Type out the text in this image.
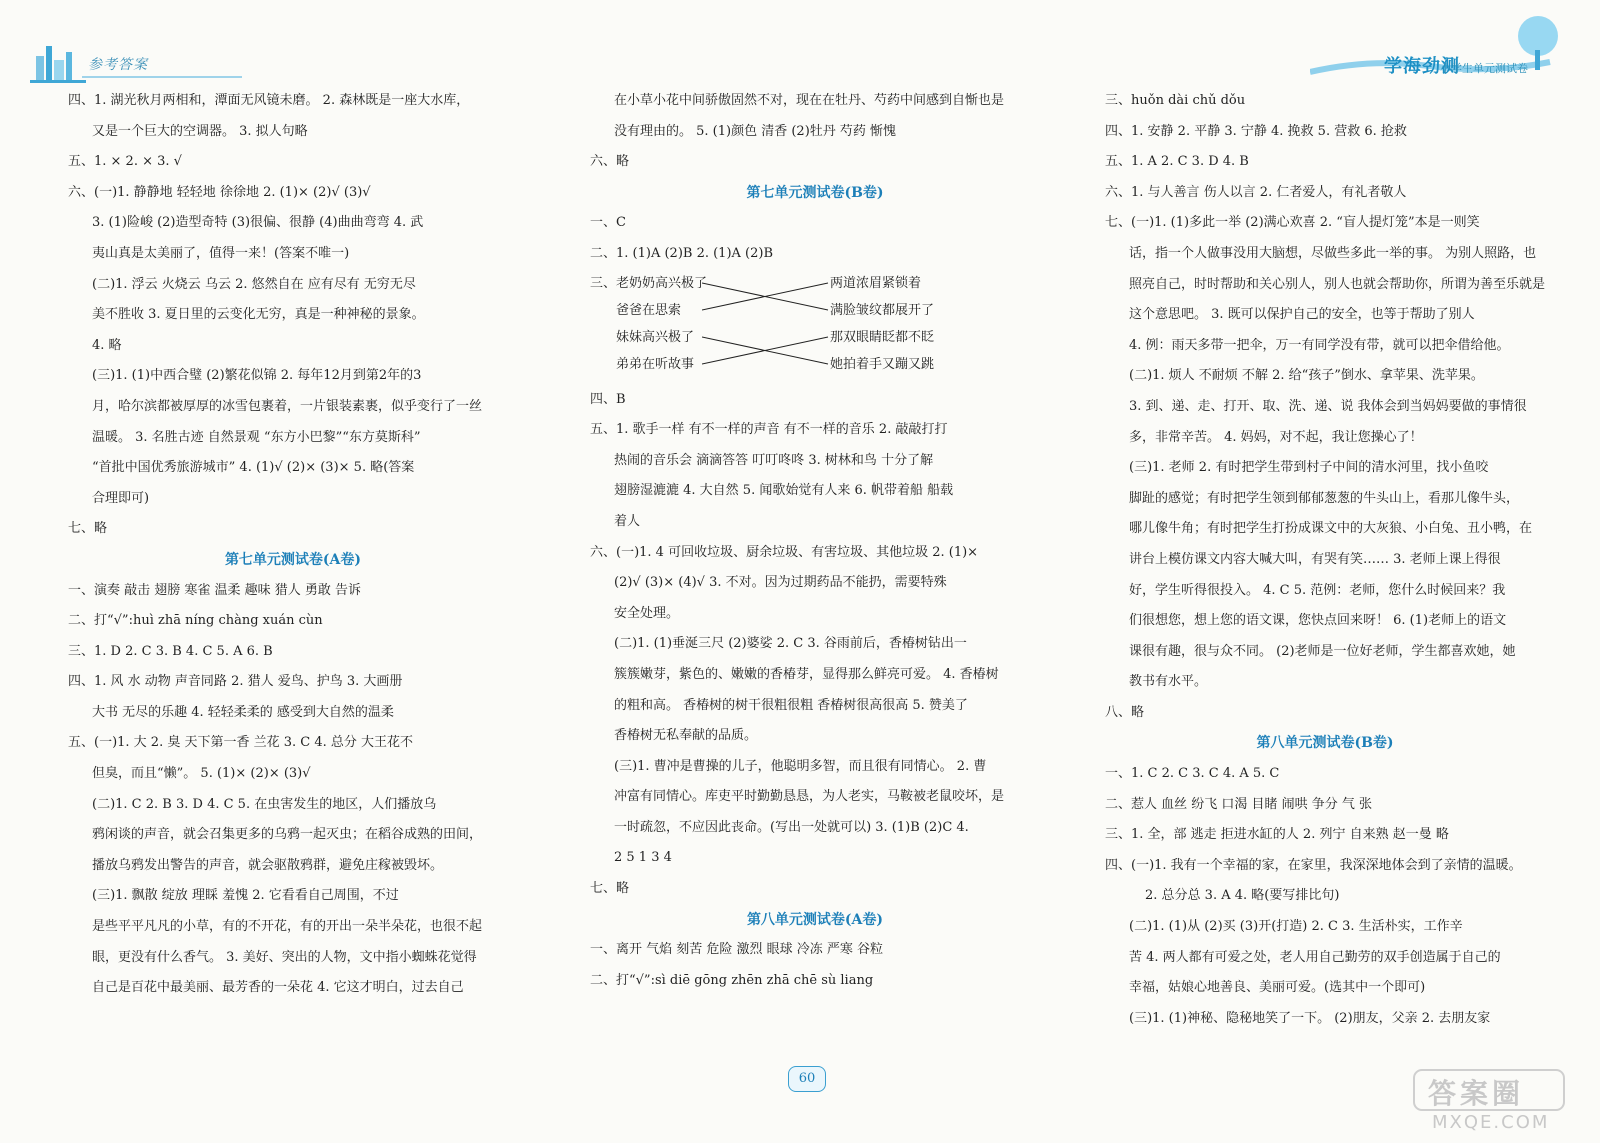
参考答案	学海劲测
小学生单元测试卷
四、1. 湖光秋月两相和，潭面无风镜未磨。 2. 森林既是一座大水库，
又是一个巨大的空调器。 3. 拟人句略
五、1. × 2. × 3. √
六、(一)1. 静静地 轻轻地 徐徐地 2. (1)× (2)√ (3)√
3. (1)险峻 (2)造型奇特 (3)很偏、很静 (4)曲曲弯弯 4. 武
夷山真是太美丽了，值得一来！(答案不唯一)
(二)1. 浮云 火烧云 乌云 2. 悠然自在 应有尽有 无穷无尽
美不胜收 3. 夏日里的云变化无穷，真是一种神秘的景象。
4. 略
(三)1. (1)中西合璧 (2)繁花似锦 2. 每年12月到第2年的3
月，哈尔滨都被厚厚的冰雪包裹着，一片银装素裹，似乎变行了一丝
温暖。 3. 名胜古迹 自然景观 “东方小巴黎”“东方莫斯科”
“首批中国优秀旅游城市” 4. (1)√ (2)× (3)× 5. 略(答案
合理即可)
七、略
第七单元测试卷(A卷)
一、演奏 敲击 翅膀 寒雀 温柔 趣味 猎人 勇敢 告诉
二、打“√”:huì zhā níng chàng xuán cùn
三、1. D 2. C 3. B 4. C 5. A 6. B
四、1. 风 水 动物 声音同路 2. 猎人 爱鸟、护鸟 3. 大画册
大书 无尽的乐趣 4. 轻轻柔柔的 感受到大自然的温柔
五、(一)1. 大 2. 臭 天下第一香 兰花 3. C 4. 总分 大王花不
但臭，而且“懒”。 5. (1)× (2)× (3)√
(二)1. C 2. B 3. D 4. C 5. 在虫害发生的地区，人们播放乌
鸦闲谈的声音，就会召集更多的乌鸦一起灭虫；在稻谷成熟的田间，
播放乌鸦发出警告的声音，就会驱散鸦群，避免庄稼被毁坏。
(三)1. 飘散 绽放 理睬 羞愧 2. 它看看自己周围，不过
是些平平凡凡的小草，有的不开花，有的开出一朵半朵花，也很不起
眼，更没有什么香气。 3. 美好、突出的人物，文中指小蜘蛛花觉得
自己是百花中最美丽、最芳香的一朵花 4. 它这才明白，过去自己
在小草小花中间骄傲固然不对，现在在牡丹、芍药中间感到自惭也是
没有理由的。 5. (1)颜色 清香 (2)牡丹 芍药 惭愧
六、略
第七单元测试卷(B卷)
一、C
二、1. (1)A (2)B 2. (1)A (2)B
三、老奶奶高兴极了
爸爸在思索
妹妹高兴极了
弟弟在听故事
两道浓眉紧锁着
满脸皱纹都展开了
那双眼睛眨都不眨
她拍着手又蹦又跳
四、B
五、1. 歌手一样 有不一样的声音 有不一样的音乐 2. 敲敲打打
热闹的音乐会 滴滴答答 叮叮咚咚 3. 树林和鸟 十分了解
翅膀湿漉漉 4. 大自然 5. 闻歌始觉有人来 6. 帆带着船 船载
着人
六、(一)1. 4 可回收垃圾、厨余垃圾、有害垃圾、其他垃圾 2. (1)×
(2)√ (3)× (4)√ 3. 不对。因为过期药品不能扔，需要特殊
安全处理。
(二)1. (1)垂涎三尺 (2)婆娑 2. C 3. 谷雨前后，香椿树钻出一
簇簇嫩芽，紫色的、嫩嫩的香椿芽，显得那么鲜亮可爱。 4. 香椿树
的粗和高。 香椿树的树干很粗很粗 香椿树很高很高 5. 赞美了
香椿树无私奉献的品质。
(三)1. 曹冲是曹操的儿子，他聪明多智，而且很有同情心。 2. 曹
冲富有同情心。库吏平时勤勤恳恳，为人老实，马鞍被老鼠咬坏，是
一时疏忽，不应因此丧命。(写出一处就可以) 3. (1)B (2)C 4.
2 5 1 3 4
七、略
第八单元测试卷(A卷)
一、离开 气焰 刻苦 危险 激烈 眼球 冷冻 严寒 谷粒
二、打“√”:sì diē gōng zhēn zhā chē sù liang
三、huǒn dài chǔ dǒu
四、1. 安静 2. 平静 3. 宁静 4. 挽救 5. 营救 6. 抢救
五、1. A 2. C 3. D 4. B
六、1. 与人善言 伤人以言 2. 仁者爱人，有礼者敬人
七、(一)1. (1)多此一举 (2)满心欢喜 2. “盲人提灯笼”本是一则笑
话，指一个人做事没用大脑想，尽做些多此一举的事。 为别人照路，也
照亮自己，时时帮助和关心别人，别人也就会帮助你，所谓为善至乐就是
这个意思吧。 3. 既可以保护自己的安全，也等于帮助了别人
4. 例：雨天多带一把伞，万一有同学没有带，就可以把伞借给他。
(二)1. 烦人 不耐烦 不解 2. 给“孩子”倒水、拿苹果、洗苹果。
3. 到、递、走、打开、取、洗、递、说 我体会到当妈妈要做的事情很
多，非常辛苦。 4. 妈妈，对不起，我让您操心了！
(三)1. 老师 2. 有时把学生带到村子中间的清水河里，找小鱼咬
脚趾的感觉；有时把学生领到郁郁葱葱的牛头山上，看那儿像牛头，
哪儿像牛角；有时把学生打扮成课文中的大灰狼、小白兔、丑小鸭，在
讲台上模仿课文内容大喊大叫，有哭有笑…… 3. 老师上课上得很
好，学生听得很投入。 4. C 5. 范例：老师，您什么时候回来？我
们很想您，想上您的语文课，您快点回来呀！ 6. (1)老师上的语文
课很有趣，很与众不同。 (2)老师是一位好老师，学生都喜欢她，她
教书有水平。
八、略
第八单元测试卷(B卷)
一、1. C 2. C 3. C 4. A 5. C
二、惹人 血丝 纷飞 口渴 目睹 闹哄 争分 气 张
三、1. 全，部 逃走 拒进水缸的人 2. 列宁 自来熟 赵一曼 略
四、(一)1. 我有一个幸福的家，在家里，我深深地体会到了亲情的温暖。
2. 总分总 3. A 4. 略(要写排比句)
(二)1. (1)从 (2)买 (3)开(打造) 2. C 3. 生活朴实，工作辛
苦 4. 两人都有可爱之处，老人用自己勤劳的双手创造属于自己的
幸福，姑娘心地善良、美丽可爱。(选其中一个即可)
(三)1. (1)神秘、隐秘地笑了一下。 (2)朋友，父亲 2. 去朋友家
60	答案圈
MXQE.COM
